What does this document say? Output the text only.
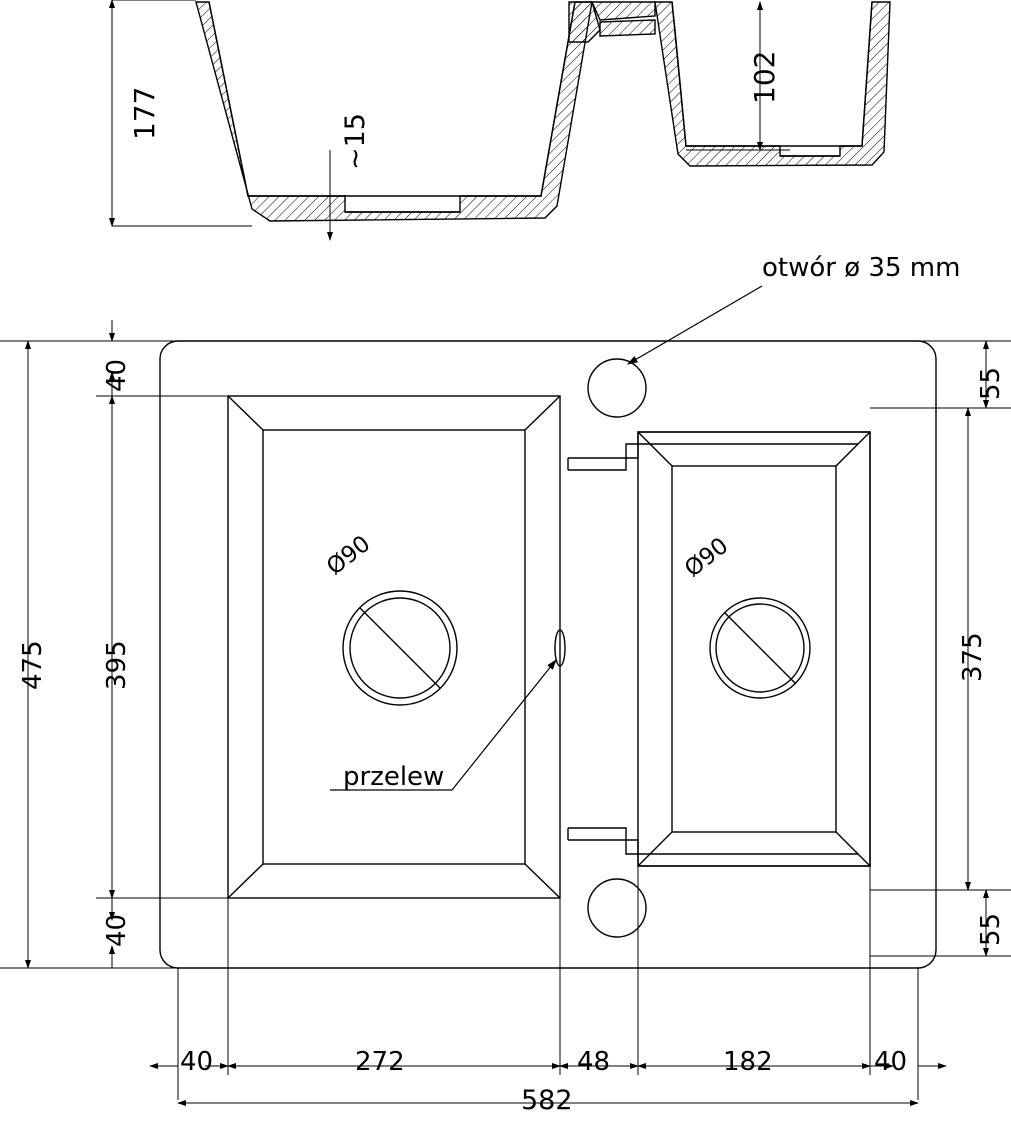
177	~15
102
otwór ø 35 mm
przelew
Ø90	Ø90
475 395	375
40
40
55
55
40	272	48	182	40
582
